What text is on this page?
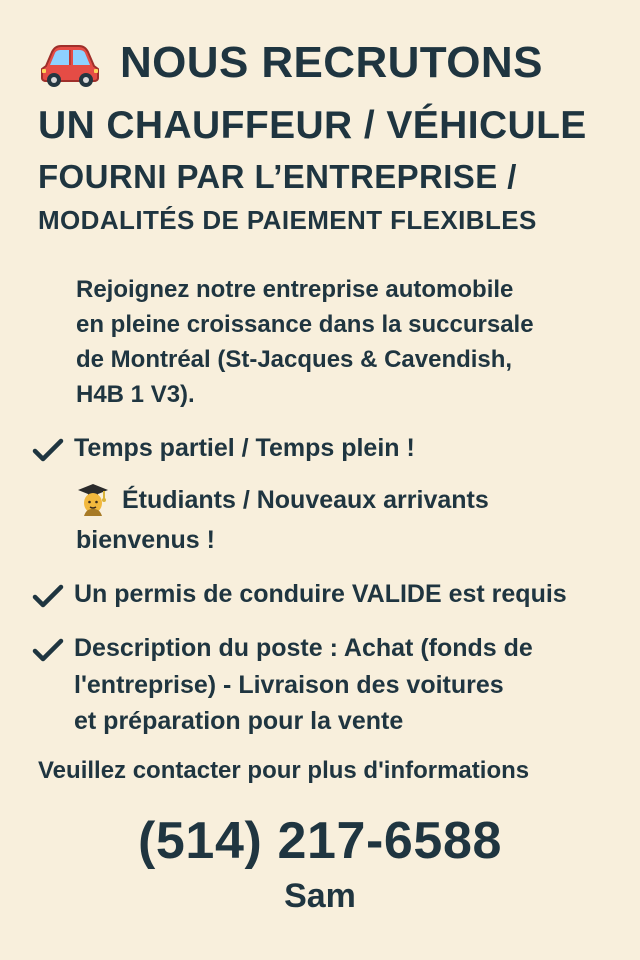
NOUS RECRUTONS
UN CHAUFFEUR / VÉHICULE
FOURNI PAR L’ENTREPRISE /
MODALITÉS DE PAIEMENT FLEXIBLES

Rejoignez notre entreprise automobile
en pleine croissance dans la succursale
de Montréal (St-Jacques & Cavendish,
H4B 1 V3).

Temps partiel / Temps plein !
Étudiants / Nouveaux arrivants
bienvenus !
Un permis de conduire VALIDE est requis
Description du poste : Achat (fonds de
l'entreprise) - Livraison des voitures
et préparation pour la vente

Veuillez contacter pour plus d'informations

(514) 217-6588
Sam
